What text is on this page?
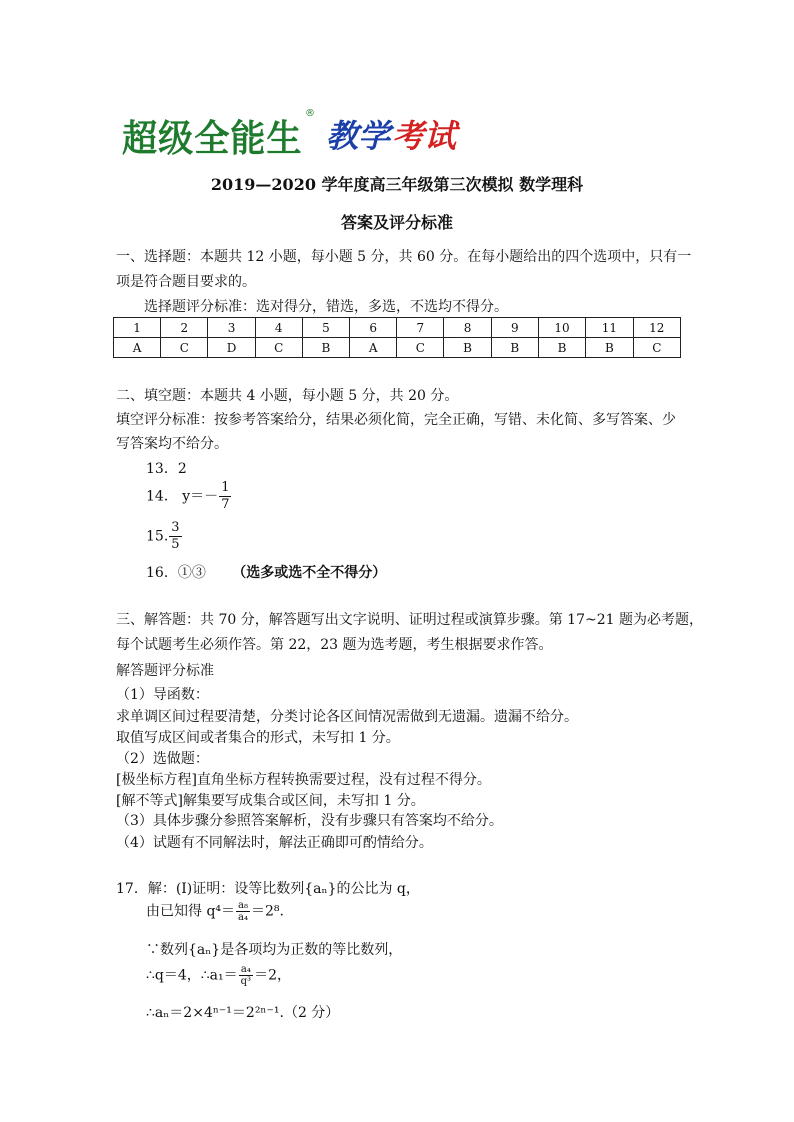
超级全能生
®
教学 考试
2019—2020 学年度高三年级第三次模拟 数学理科
答案及评分标准
一、选择题：本题共 12 小题，每小题 5 分，共 60 分。在每小题给出的四个选项中，只有一
项是符合题目要求的。
选择题评分标准：选对得分，错选，多选，不选均不得分。
1	2	3	4	5	6	7	8	9	10	11	12
A	C	D	C	B	A	C	B	B	B	B	C
二、填空题：本题共 4 小题，每小题 5 分，共 20 分。
填空评分标准：按参考答案给分，结果必须化简，完全正确，写错、未化简、多写答案、少
写答案均不给分。
13．2
14． $y=- \frac{1}{7}$
15. $\frac{3}{5}$
16．①③ （选多或选不全不得分）
三、解答题：共 70 分，解答题写出文字说明、证明过程或演算步骤。第 17~21 题为必考题，
每个试题考生必须作答。第 22，23 题为选考题，考生根据要求作答。
解答题评分标准
（1）导函数：
求单调区间过程要清楚，分类讨论各区间情况需做到无遗漏。遗漏不给分。
取值写成区间或者集合的形式，未写扣 1 分。
（2）选做题：
[极坐标方程]直角坐标方程转换需要过程，没有过程不得分。
[解不等式]解集要写成集合或区间，未写扣 1 分。
（3）具体步骤分参照答案解析，没有步骤只有答案均不给分。
（4）试题有不同解法时，解法正确即可酌情给分。
17．解：(Ⅰ)证明：设等比数列{aₙ}的公比为 q，
由已知得 $q^4= \frac{\text{a₈}}{\text{a₄}} =2^8$.
∵数列{aₙ}是各项均为正数的等比数列，
∴q＝4，∴a₁＝ $\frac{\text{a₄}}{\text{q³}} =2$，
∴aₙ＝2×4ⁿ⁻¹＝2²ⁿ⁻¹.（2 分）
